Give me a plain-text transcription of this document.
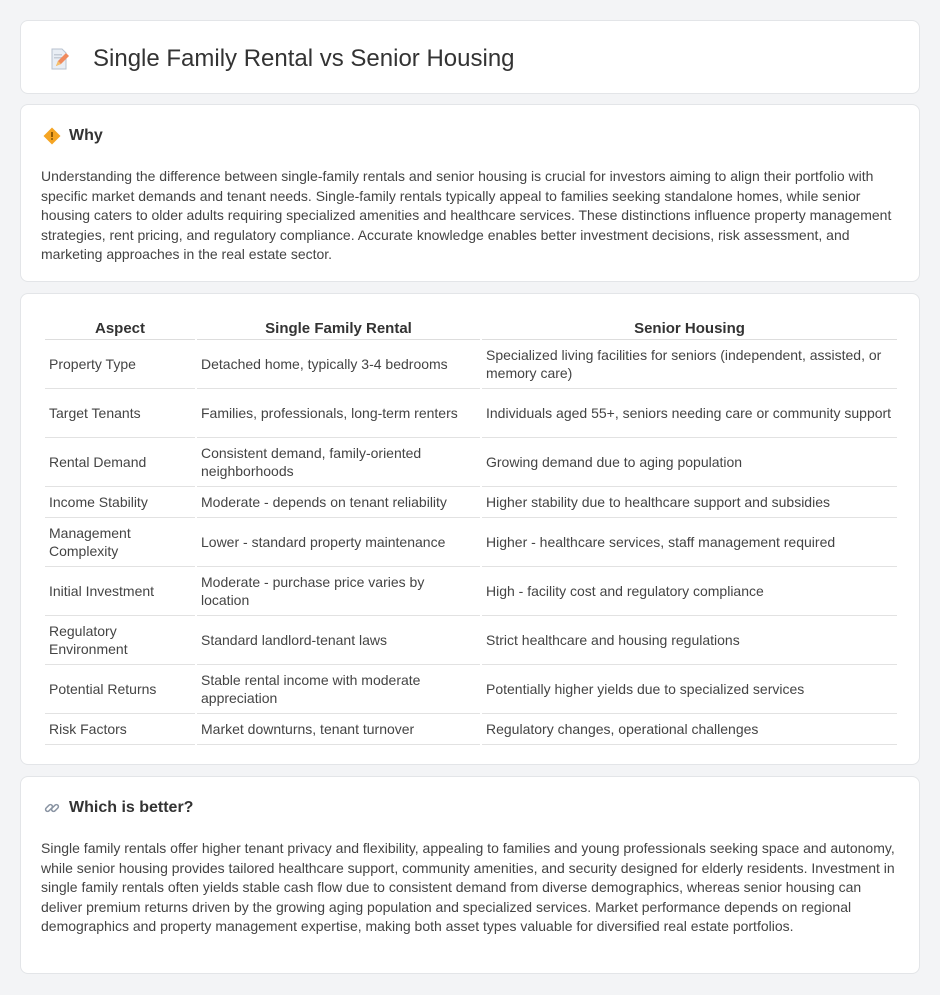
Single Family Rental vs Senior Housing
Why

Understanding the difference between single-family rentals and senior housing is crucial for investors aiming to align their portfolio with specific market demands and tenant needs. Single-family rentals typically appeal to families seeking standalone homes, while senior housing caters to older adults requiring specialized amenities and healthcare services. These distinctions influence property management strategies, rent pricing, and regulatory compliance. Accurate knowledge enables better investment decisions, risk assessment, and marketing approaches in the real estate sector.

Aspect	Single Family Rental	Senior Housing
Property Type	Detached home, typically 3-4 bedrooms	Specialized living facilities for seniors (independent, assisted, or memory care)
Target Tenants	Families, professionals, long-term renters	Individuals aged 55+, seniors needing care or community support
Rental Demand	Consistent demand, family-oriented neighborhoods	Growing demand due to aging population
Income Stability	Moderate - depends on tenant reliability	Higher stability due to healthcare support and subsidies
Management Complexity	Lower - standard property maintenance	Higher - healthcare services, staff management required
Initial Investment	Moderate - purchase price varies by location	High - facility cost and regulatory compliance
Regulatory Environment	Standard landlord-tenant laws	Strict healthcare and housing regulations
Potential Returns	Stable rental income with moderate appreciation	Potentially higher yields due to specialized services
Risk Factors	Market downturns, tenant turnover	Regulatory changes, operational challenges
Which is better?

Single family rentals offer higher tenant privacy and flexibility, appealing to families and young professionals seeking space and autonomy, while senior housing provides tailored healthcare support, community amenities, and security designed for elderly residents. Investment in single family rentals often yields stable cash flow due to consistent demand from diverse demographics, whereas senior housing can deliver premium returns driven by the growing aging population and specialized services. Market performance depends on regional demographics and property management expertise, making both asset types valuable for diversified real estate portfolios.
